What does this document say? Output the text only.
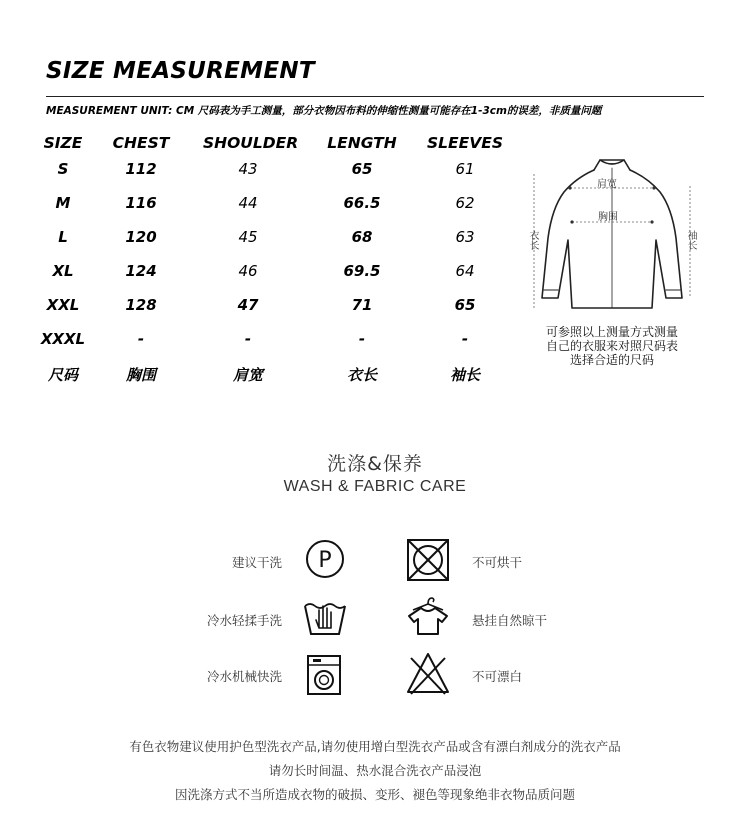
SIZE MEASUREMENT
MEASUREMENT UNIT: CM 尺码表为手工测量，部分衣物因布料的伸缩性测量可能存在1-3cm的误差，非质量问题
SIZE	CHEST	SHOULDER	LENGTH	SLEEVES
S	112	43	65	61
M	116	44	66.5	62
L	120	45	68	63
XL	124	46	69.5	64
XXL	128	47	71	65
XXXL	-	-	-	-
尺码	胸围	肩宽	衣长	袖长
肩宽
胸围
衣长	袖长
可参照以上测量方式测量
自己的衣服来对照尺码表
选择合适的尺码
洗涤&保养
WASH & FABRIC CARE
建议干洗 P	不可烘干
冷水轻揉手洗	悬挂自然晾干
冷水机械快洗	不可漂白
有色衣物建议使用护色型洗衣产品,请勿使用增白型洗衣产品或含有漂白剂成分的洗衣产品
请勿长时间温、热水混合洗衣产品浸泡
因洗涤方式不当所造成衣物的破损、变形、褪色等现象绝非衣物品质问题
